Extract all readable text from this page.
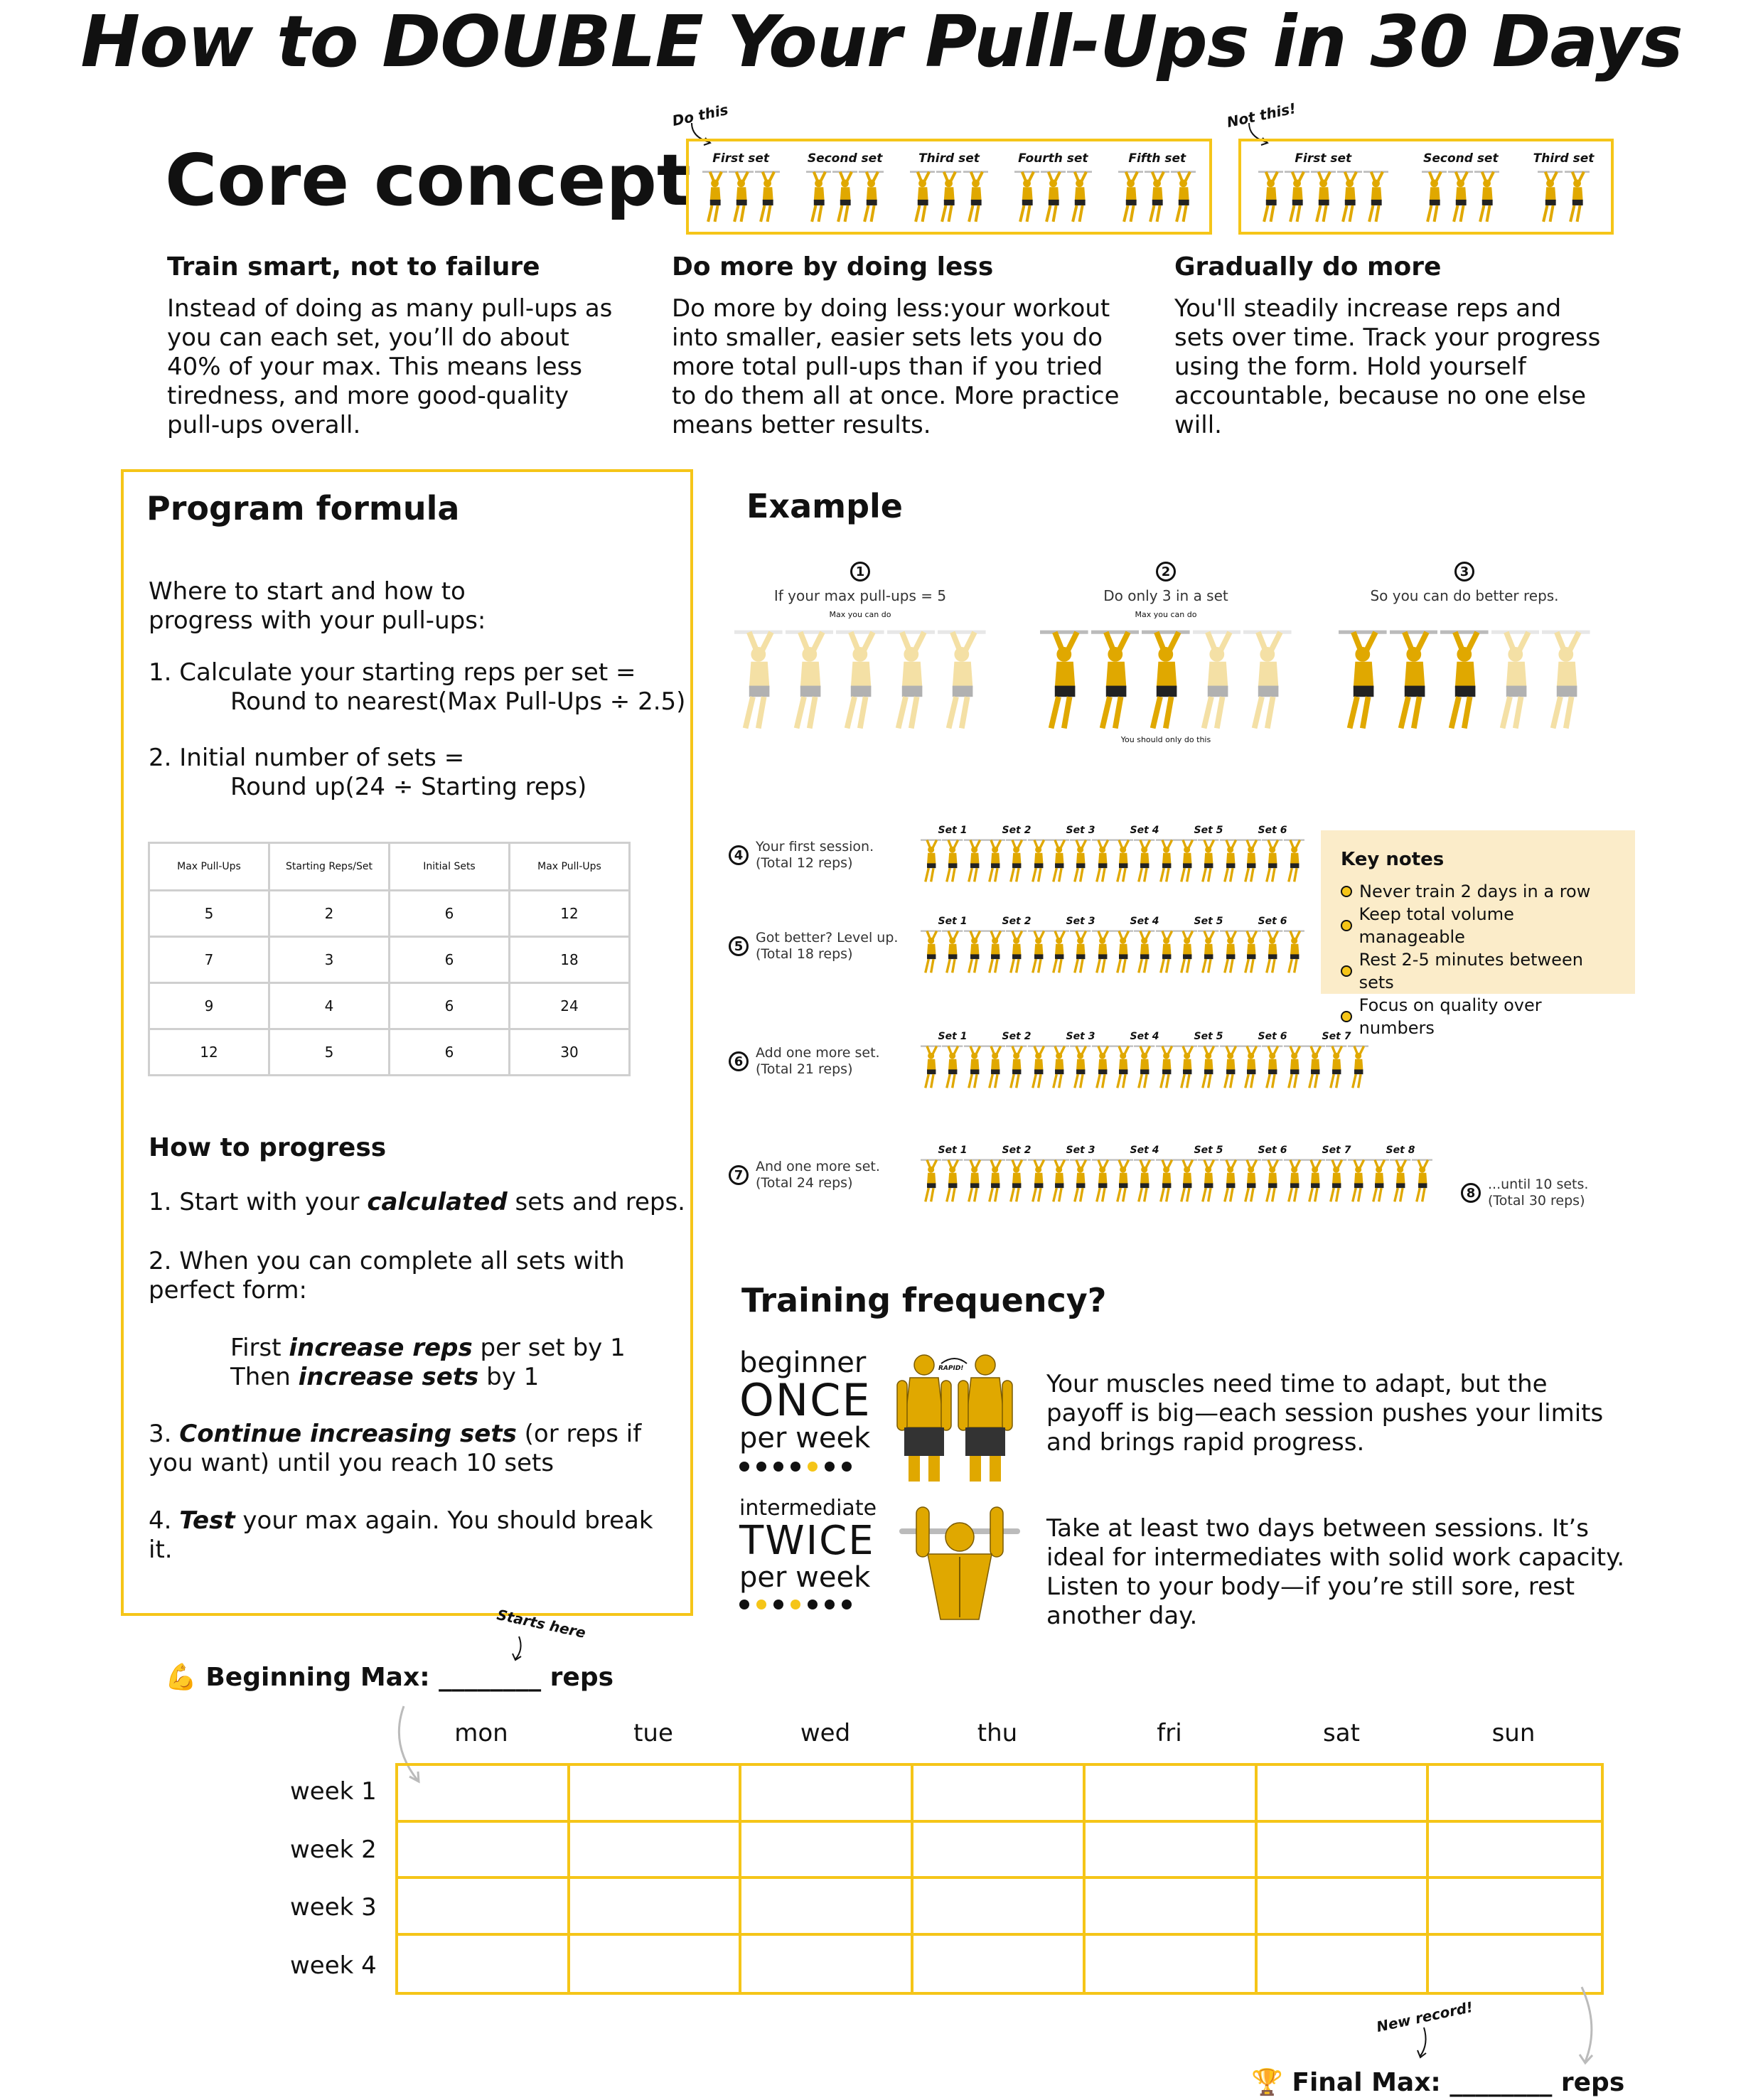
How to DOUBLE Your Pull-Ups in 30 Days
Core concept
Do this
First set	Second set	Third set	Fourth set	Fifth set
Not this!
First set	Second set	Third set
Train smart, not to failure
Instead of doing as many pull-ups as you can each set, you’ll do about 40% of your max. This means less tiredness, and more good-quality pull-ups overall.
Do more by doing less
Do more by doing less:your workout into smaller, easier sets lets you do more total pull-ups than if you tried to do them all at once. More practice means better results.
Gradually do more
You'll steadily increase reps and sets over time. Track your progress using the form. Hold yourself accountable, because no one else will.
Program formula
Where to start and how to progress with your pull-ups:
1. Calculate your starting reps per set =
Round to nearest(Max Pull-Ups ÷ 2.5)
2. Initial number of sets =
Round up(24 ÷ Starting reps)
Max Pull-Ups	Starting Reps/Set	Initial Sets	Max Pull-Ups
5	2	6	12
7	3	6	18
9	4	6	24
12	5	6	30
How to progress
1. Start with your calculated sets and reps.
2. When you can complete all sets with perfect form:
First increase reps per set by 1
Then increase sets by 1
3. Continue increasing sets (or reps if you want) until you reach 10 sets
4. Test your max again. You should break it.
Example
1
If your max pull-ups = 5
Max you can do
2
Do only 3 in a set
Max you can do
You should only do this
3
So you can do better reps.
4
Your first session.
(Total 12 reps)
Set 1	Set 2	Set 3	Set 4	Set 5	Set 6
5
Got better? Level up.
(Total 18 reps)
Set 1	Set 2	Set 3	Set 4	Set 5	Set 6
6
Add one more set.
(Total 21 reps)
Set 1	Set 2	Set 3	Set 4	Set 5	Set 6	Set 7
7
And one more set.
(Total 24 reps)
Set 1	Set 2	Set 3	Set 4	Set 5	Set 6	Set 7	Set 8
8
...until 10 sets.
(Total 30 reps)
Key notes
Never train 2 days in a row
Keep total volume manageable
Rest 2-5 minutes between sets
Focus on quality over numbers
Training frequency?
beginner
ONCE
per week
RAPID!
Your muscles need time to adapt, but the payoff is big—each session pushes your limits and brings rapid progress.
intermediate
TWICE
per week
Take at least two days between sessions. It’s ideal for intermediates with solid work capacity. Listen to your body—if you’re still sore, rest another day.
Starts here
💪 Beginning Max: ________ reps
mon	tue	wed	thu	fri	sat	sun
week 1
week 2
week 3
week 4
New record!
🏆 Final Max: ________ reps
